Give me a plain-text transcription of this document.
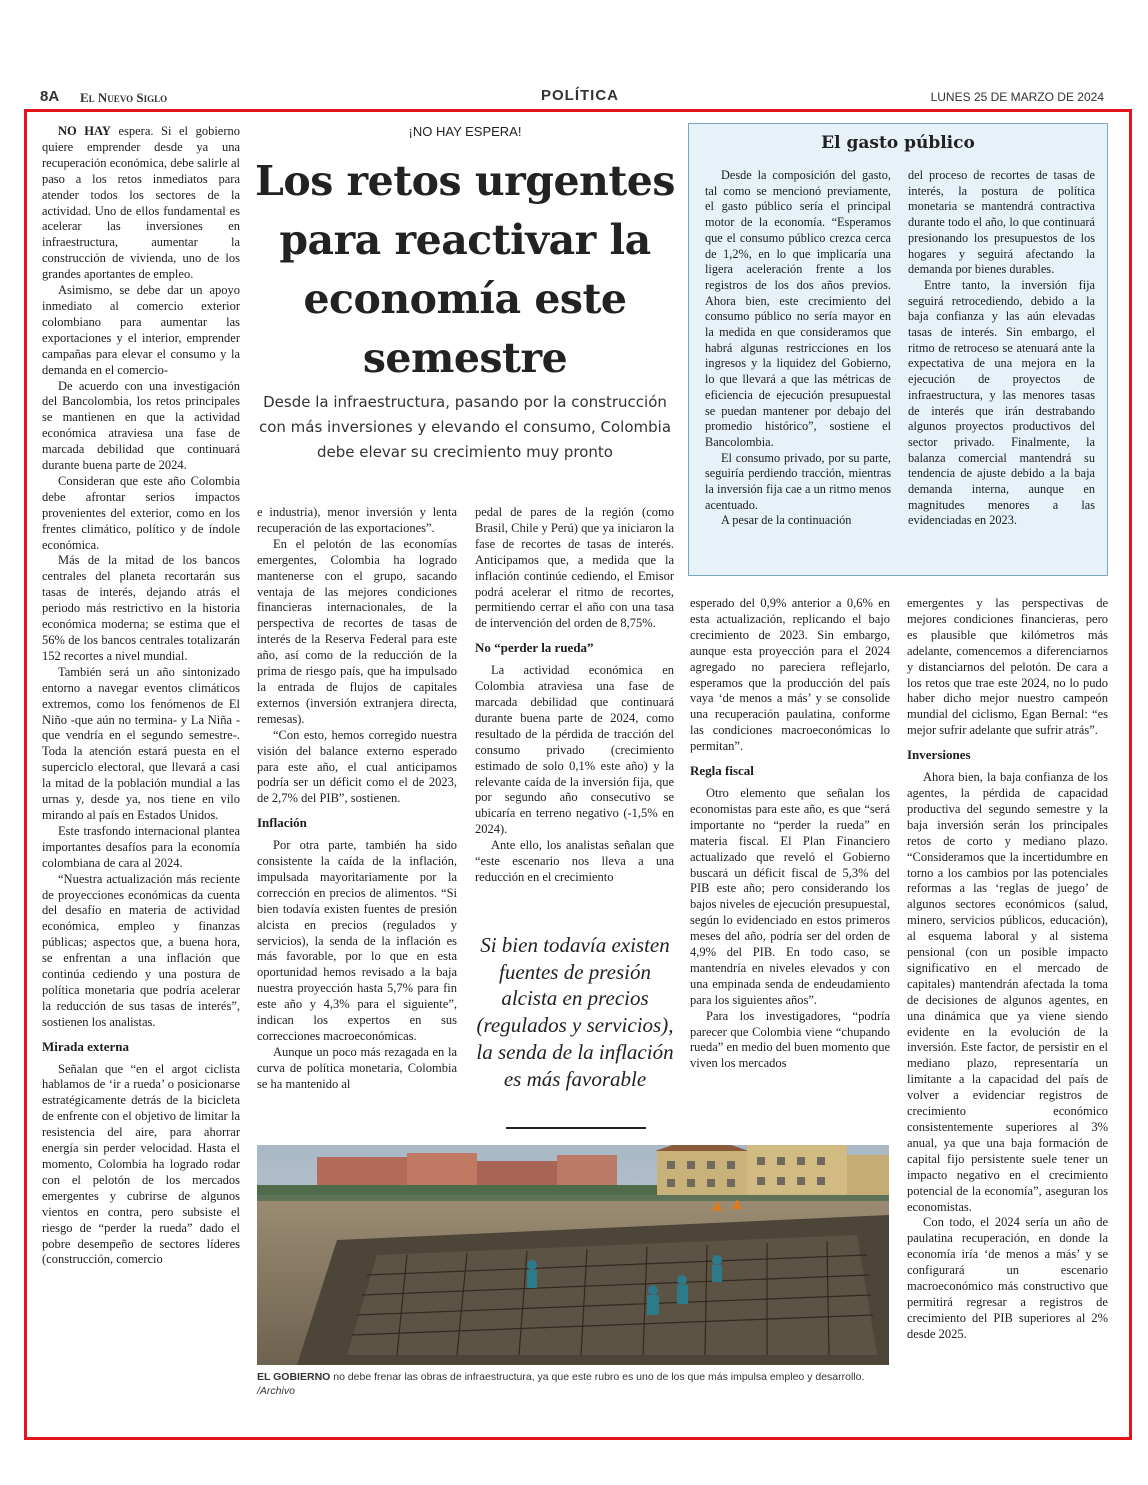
8A El Nuevo Siglo	POLÍTICA	LUNES 25 DE MARZO DE 2024

NO HAY espera. Si el gobierno quiere emprender desde ya una recuperación económica, debe salirle al paso a los retos inmediatos para atender todos los sectores de la actividad. Uno de ellos fundamental es acelerar las inversiones en infraestructura, aumentar la construcción de vivienda, uno de los grandes aportantes de empleo.

Asimismo, se debe dar un apoyo inmediato al comercio exterior colombiano para aumentar las exportaciones y el interior, emprender campañas para elevar el consumo y la demanda en el comercio-

De acuerdo con una investigación del Bancolombia, los retos principales se mantienen en que la actividad económica atraviesa una fase de marcada debilidad que continuará durante buena parte de 2024.

Consideran que este año Colombia debe afrontar serios impactos provenientes del exterior, como en los frentes climático, político y de índole económica.

Más de la mitad de los bancos centrales del planeta recortarán sus tasas de interés, dejando atrás el periodo más restrictivo en la historia económica moderna; se estima que el 56% de los bancos centrales totalizarán 152 recortes a nivel mundial.

También será un año sintonizado entorno a navegar eventos climáticos extremos, como los fenómenos de El Niño -que aún no termina- y La Niña -que vendría en el segundo semestre-. Toda la atención estará puesta en el superciclo electoral, que llevará a casi la mitad de la población mundial a las urnas y, desde ya, nos tiene en vilo mirando al país en Estados Unidos.

Este trasfondo internacional plantea importantes desafíos para la economía colombiana de cara al 2024.

“Nuestra actualización más reciente de proyecciones económicas da cuenta del desafío en materia de actividad económica, empleo y finanzas públicas; aspectos que, a buena hora, se enfrentan a una inflación que continúa cediendo y una postura de política monetaria que podría acelerar la reducción de sus tasas de interés”, sostienen los analistas.

Mirada externa

Señalan que “en el argot ciclista hablamos de ‘ir a rueda’ o posicionarse estratégicamente detrás de la bicicleta de enfrente con el objetivo de limitar la resistencia del aire, para ahorrar energía sin perder velocidad. Hasta el momento, Colombia ha logrado rodar con el pelotón de los mercados emergentes y cubrirse de algunos vientos en contra, pero subsiste el riesgo de “perder la rueda” dado el pobre desempeño de sectores líderes (construcción, comercio

¡NO HAY ESPERA!
Los retos urgentes para reactivar la economía este semestre
Desde la infraestructura, pasando por la construcción con más inversiones y elevando el consumo, Colombia debe elevar su crecimiento muy pronto

e industria), menor inversión y lenta recuperación de las exportaciones”.

En el pelotón de las economías emergentes, Colombia ha logrado mantenerse con el grupo, sacando ventaja de las mejores condiciones financieras internacionales, de la perspectiva de recortes de tasas de interés de la Reserva Federal para este año, así como de la reducción de la prima de riesgo país, que ha impulsado la entrada de flujos de capitales externos (inversión extranjera directa, remesas).

“Con esto, hemos corregido nuestra visión del balance externo esperado para este año, el cual anticipamos podría ser un déficit como el de 2023, de 2,7% del PIB”, sostienen.

Inflación

Por otra parte, también ha sido consistente la caída de la inflación, impulsada mayoritariamente por la corrección en precios de alimentos. “Si bien todavía existen fuentes de presión alcista en precios (regulados y servicios), la senda de la inflación es más favorable, por lo que en esta oportunidad hemos revisado a la baja nuestra proyección hasta 5,7% para fin este año y 4,3% para el siguiente”, indican los expertos en sus correcciones macroeconómicas.

Aunque un poco más rezagada en la curva de política monetaria, Colombia se ha mantenido al

pedal de pares de la región (como Brasil, Chile y Perú) que ya iniciaron la fase de recortes de tasas de interés. Anticipamos que, a medida que la inflación continúe cediendo, el Emisor podrá acelerar el ritmo de recortes, permitiendo cerrar el año con una tasa de intervención del orden de 8,75%.

No “perder la rueda”

La actividad económica en Colombia atraviesa una fase de marcada debilidad que continuará durante buena parte de 2024, como resultado de la pérdida de tracción del consumo privado (crecimiento estimado de solo 0,1% este año) y la relevante caída de la inversión fija, que por segundo año consecutivo se ubicaría en terreno negativo (-1,5% en 2024).

Ante ello, los analistas señalan que “este escenario nos lleva a una reducción en el crecimiento

Si bien todavía existen fuentes de presión alcista en precios (regulados y servicios), la senda de la inflación es más favorable
El gasto público

Desde la composición del gasto, tal como se mencionó previamente, el gasto público sería el principal motor de la economía. “Esperamos que el consumo público crezca cerca de 1,2%, en lo que implicaría una ligera aceleración frente a los registros de los dos años previos. Ahora bien, este crecimiento del consumo público no sería mayor en la medida en que consideramos que habrá algunas restricciones en los ingresos y la liquidez del Gobierno, lo que llevará a que las métricas de eficiencia de ejecución presupuestal se puedan mantener por debajo del promedio histórico”, sostiene el Bancolombia.

El consumo privado, por su parte, seguiría perdiendo tracción, mientras la inversión fija cae a un ritmo menos acentuado.

A pesar de la continuación

del proceso de recortes de tasas de interés, la postura de política monetaria se mantendrá contractiva durante todo el año, lo que continuará presionando los presupuestos de los hogares y seguirá afectando la demanda por bienes durables.

Entre tanto, la inversión fija seguirá retrocediendo, debido a la baja confianza y las aún elevadas tasas de interés. Sin embargo, el ritmo de retroceso se atenuará ante la expectativa de una mejora en la ejecución de proyectos de infraestructura, y las menores tasas de interés que irán destrabando algunos proyectos productivos del sector privado. Finalmente, la balanza comercial mantendrá su tendencia de ajuste debido a la baja demanda interna, aunque en magnitudes menores a las evidenciadas en 2023.

esperado del 0,9% anterior a 0,6% en esta actualización, replicando el bajo crecimiento de 2023. Sin embargo, aunque esta proyección para el 2024 agregado no pareciera reflejarlo, esperamos que la producción del país vaya ‘de menos a más’ y se consolide una recuperación paulatina, conforme las condiciones macroeconómicas lo permitan”.

Regla fiscal

Otro elemento que señalan los economistas para este año, es que “será importante no “perder la rueda” en materia fiscal. El Plan Financiero actualizado que reveló el Gobierno buscará un déficit fiscal de 5,3% del PIB este año; pero considerando los bajos niveles de ejecución presupuestal, según lo evidenciado en estos primeros meses del año, podría ser del orden de 4,9% del PIB. En todo caso, se mantendría en niveles elevados y con una empinada senda de endeudamiento para los siguientes años”.

Para los investigadores, “podría parecer que Colombia viene “chupando rueda” en medio del buen momento que viven los mercados

emergentes y las perspectivas de mejores condiciones financieras, pero es plausible que kilómetros más adelante, comencemos a diferenciarnos y distanciarnos del pelotón. De cara a los retos que trae este 2024, no lo pudo haber dicho mejor nuestro campeón mundial del ciclismo, Egan Bernal: “es mejor sufrir adelante que sufrir atrás”.

Inversiones

Ahora bien, la baja confianza de los agentes, la pérdida de capacidad productiva del segundo semestre y la baja inversión serán los principales retos de corto y mediano plazo. “Consideramos que la incertidumbre en torno a los cambios por las potenciales reformas a las ‘reglas de juego’ de algunos sectores económicos (salud, minero, servicios públicos, educación), al esquema laboral y al sistema pensional (con un posible impacto significativo en el mercado de capitales) mantendrán afectada la toma de decisiones de algunos agentes, en una dinámica que ya viene siendo evidente en la evolución de la inversión. Este factor, de persistir en el mediano plazo, representaría un limitante a la capacidad del país de volver a evidenciar registros de crecimiento económico consistentemente superiores al 3% anual, ya que una baja formación de capital fijo persistente suele tener un impacto negativo en el crecimiento potencial de la economía”, aseguran los economistas.

Con todo, el 2024 sería un año de paulatina recuperación, en donde la economía iría ‘de menos a más’ y se configurará un escenario macroeconómico más constructivo que permitirá regresar a registros de crecimiento del PIB superiores al 2% desde 2025.

EL GOBIERNO no debe frenar las obras de infraestructura, ya que este rubro es uno de los que más impulsa empleo y desarrollo. /Archivo
